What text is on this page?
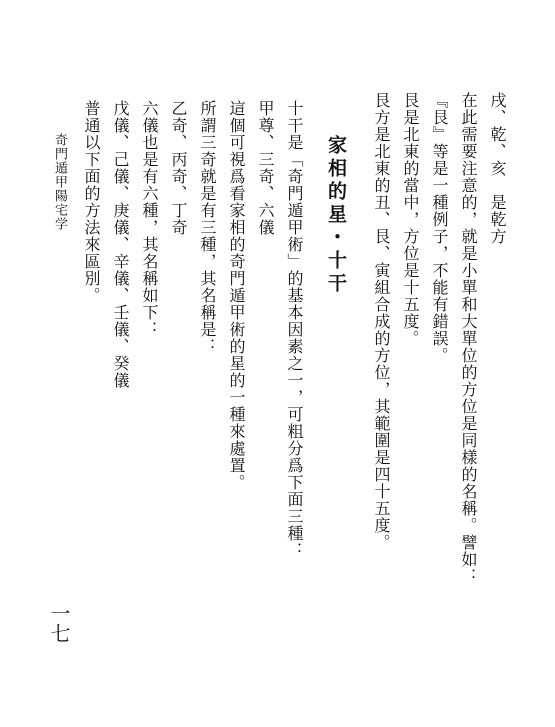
戌、乾、亥　是乾方
在此需要注意的，就是小單和大單位的方位是同樣的名稱。譬如：
『艮』等是一種例子，不能有錯誤。
艮是北東的當中，方位是十五度。
艮方是北東的丑、艮、寅組合成的方位，其範圍是四十五度。
家相的星・十干
十干是「奇門遁甲術」的基本因素之一，可粗分爲下面三種：
甲尊、三奇、六儀
這個可視爲看家相的奇門遁甲術的星的一種來處置。
所謂三奇就是有三種，其名稱是：
乙奇、丙奇、丁奇
六儀也是有六種，其名稱如下：
戊儀、己儀、庚儀、辛儀、壬儀、癸儀
普通以下面的方法來區別。
奇門遁甲陽宅学
一七
